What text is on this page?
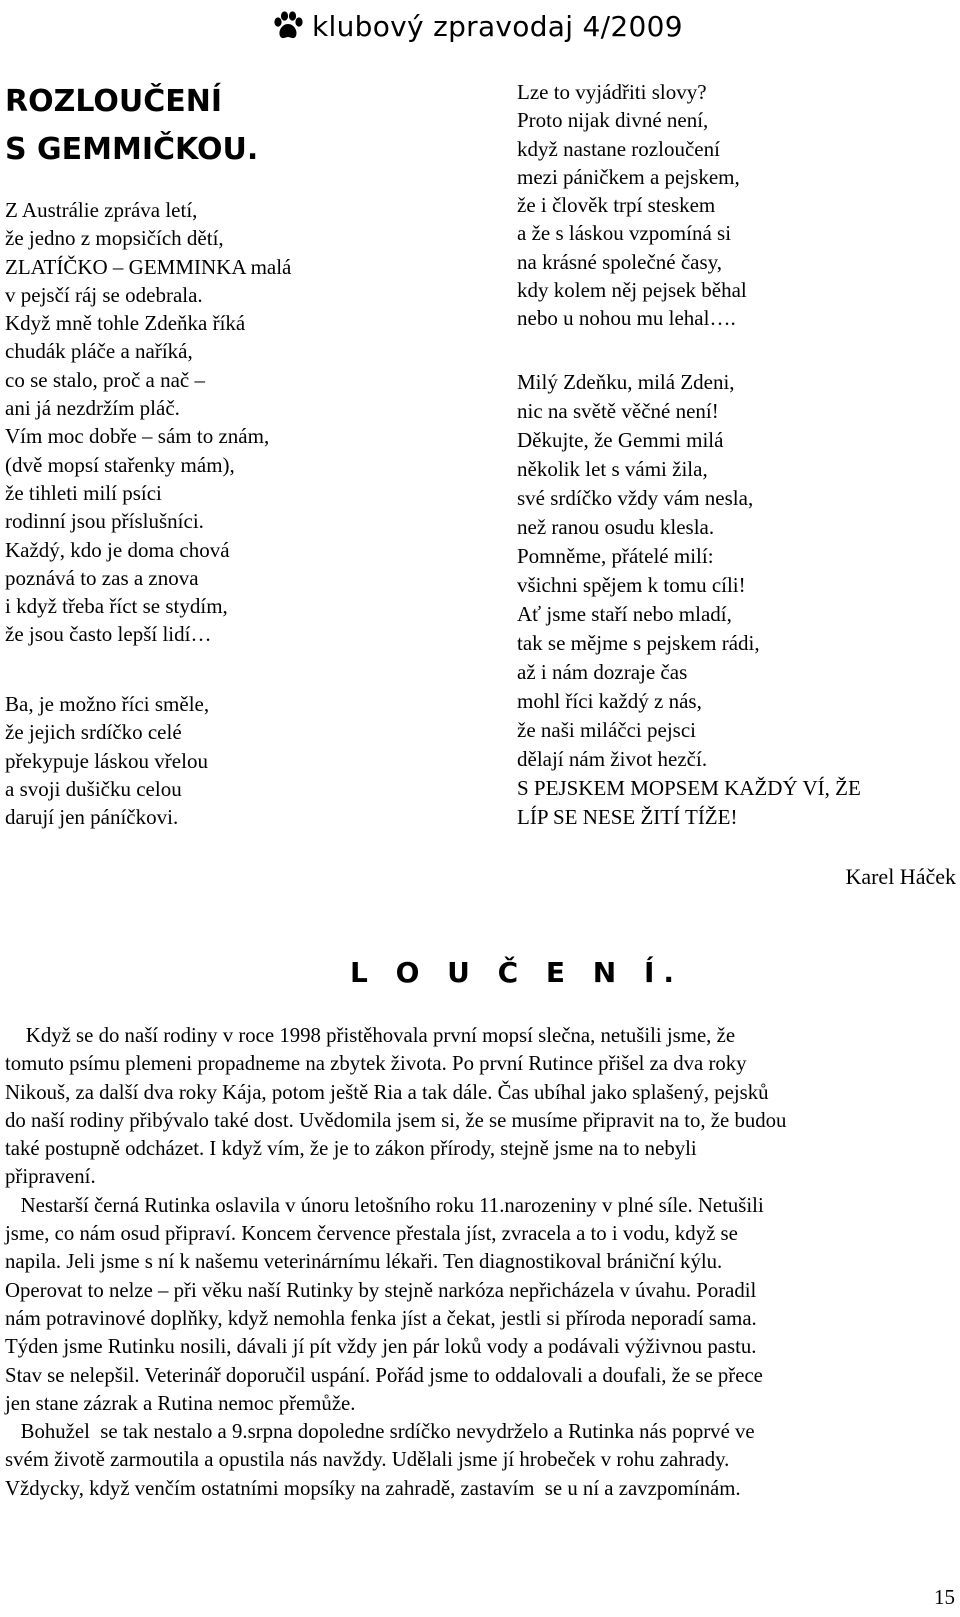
klubový zpravodaj 4/2009
ROZLOUČENÍ
S GEMMIČKOU.
Z Austrálie zpráva letí,
že jedno z mopsičích dětí,
ZLATÍČKO – GEMMINKA malá
v pejsčí ráj se odebrala.
Když mně tohle Zdeňka říká
chudák pláče a naříká,
co se stalo, proč a nač –
ani já nezdržím pláč.
Vím moc dobře – sám to znám,
(dvě mopsí stařenky mám),
že tihleti milí psíci
rodinní jsou příslušníci.
Každý, kdo je doma chová
poznává to zas a znova
i když třeba říct se stydím,
že jsou často lepší lidí…
Ba, je možno říci směle,
že jejich srdíčko celé
překypuje láskou vřelou
a svoji dušičku celou
darují jen páníčkovi.
Lze to vyjádřiti slovy?
Proto nijak divné není,
když nastane rozloučení
mezi páničkem a pejskem,
že i člověk trpí steskem
a že s láskou vzpomíná si
na krásné společné časy,
kdy kolem něj pejsek běhal
nebo u nohou mu lehal….
Milý Zdeňku, milá Zdeni,
nic na světě věčné není!
Děkujte, že Gemmi milá
několik let s vámi žila,
své srdíčko vždy vám nesla,
než ranou osudu klesla.
Pomněme, přátelé milí:
všichni spějem k tomu cíli!
Ať jsme staří nebo mladí,
tak se mějme s pejskem rádi,
až i nám dozraje čas
mohl říci každý z nás,
že naši miláčci pejsci
dělají nám život hezčí.
S PEJSKEM MOPSEM KAŽDÝ VÍ, ŽE
LÍP SE NESE ŽITÍ TÍŽE!

Karel Háček

L O U Č E N Í.
Když se do naší rodiny v roce 1998 přistěhovala první mopsí slečna, netušili jsme, že
tomuto psímu plemeni propadneme na zbytek života. Po první Rutince přišel za dva roky
Nikouš, za další dva roky Kája, potom ještě Ria a tak dále. Čas ubíhal jako splašený, pejsků
do naší rodiny přibývalo také dost. Uvědomila jsem si, že se musíme připravit na to, že budou
také postupně odcházet. I když vím, že je to zákon přírody, stejně jsme na to nebyli
připravení.
Nestarší černá Rutinka oslavila v únoru letošního roku 11.narozeniny v plné síle. Netušili
jsme, co nám osud připraví. Koncem července přestala jíst, zvracela a to i vodu, když se
napila. Jeli jsme s ní k našemu veterinárnímu lékaři. Ten diagnostikoval brániční kýlu.
Operovat to nelze – při věku naší Rutinky by stejně narkóza nepřicházela v úvahu. Poradil
nám potravinové doplňky, když nemohla fenka jíst a čekat, jestli si příroda neporadí sama.
Týden jsme Rutinku nosili, dávali jí pít vždy jen pár loků vody a podávali výživnou pastu.
Stav se nelepšil. Veterinář doporučil uspání. Pořád jsme to oddalovali a doufali, že se přece
jen stane zázrak a Rutina nemoc přemůže.
Bohužel  se tak nestalo a 9.srpna dopoledne srdíčko nevydrželo a Rutinka nás poprvé ve
svém životě zarmoutila a opustila nás navždy. Udělali jsme jí hrobeček v rohu zahrady.
Vždycky, když venčím ostatními mopsíky na zahradě, zastavím  se u ní a zavzpomínám.

15
